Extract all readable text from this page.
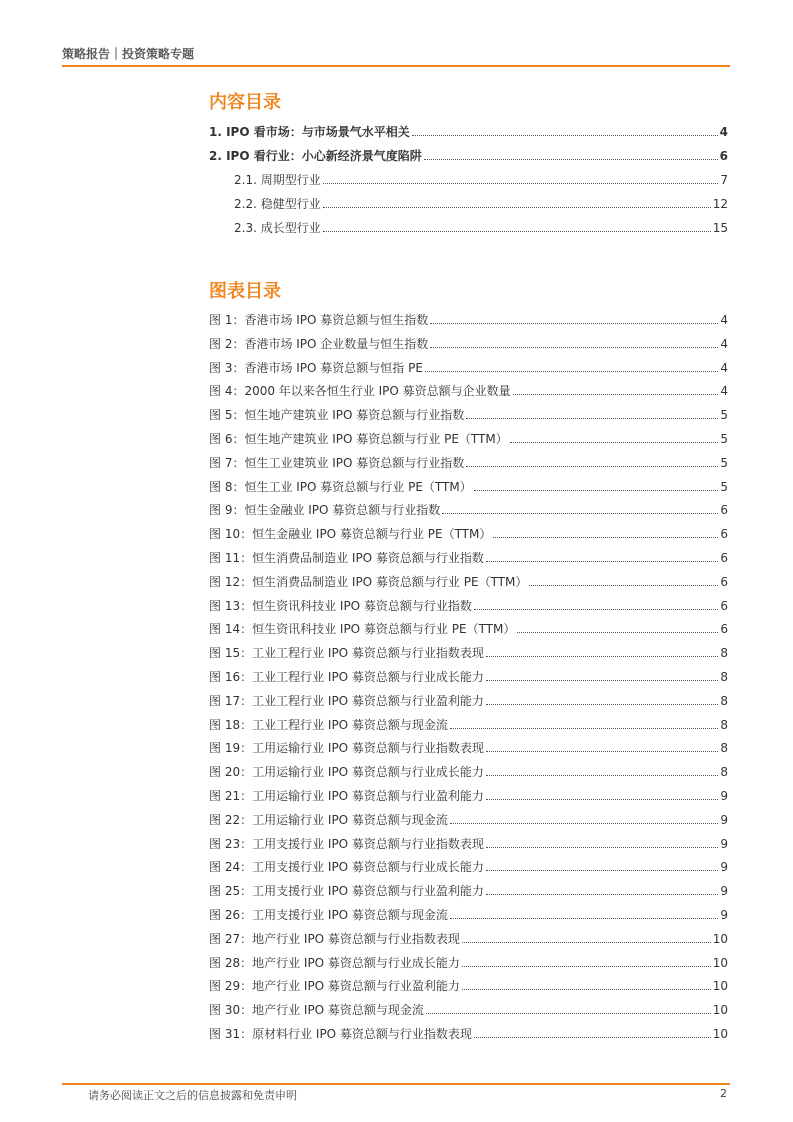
策略报告｜投资策略专题
内容目录
1. IPO 看市场：与市场景气水平相关	4
2. IPO 看行业：小心新经济景气度陷阱	6
2.1. 周期型行业	7
2.2. 稳健型行业	12
2.3. 成长型行业	15
图表目录
图 1：香港市场 IPO 募资总额与恒生指数	4
图 2：香港市场 IPO 企业数量与恒生指数	4
图 3：香港市场 IPO 募资总额与恒指 PE	4
图 4：2000 年以来各恒生行业 IPO 募资总额与企业数量	4
图 5：恒生地产建筑业 IPO 募资总额与行业指数	5
图 6：恒生地产建筑业 IPO 募资总额与行业 PE（TTM）	5
图 7：恒生工业建筑业 IPO 募资总额与行业指数	5
图 8：恒生工业 IPO 募资总额与行业 PE（TTM）	5
图 9：恒生金融业 IPO 募资总额与行业指数	6
图 10：恒生金融业 IPO 募资总额与行业 PE（TTM）	6
图 11：恒生消费品制造业 IPO 募资总额与行业指数	6
图 12：恒生消费品制造业 IPO 募资总额与行业 PE（TTM）	6
图 13：恒生资讯科技业 IPO 募资总额与行业指数	6
图 14：恒生资讯科技业 IPO 募资总额与行业 PE（TTM）	6
图 15：工业工程行业 IPO 募资总额与行业指数表现	8
图 16：工业工程行业 IPO 募资总额与行业成长能力	8
图 17：工业工程行业 IPO 募资总额与行业盈利能力	8
图 18：工业工程行业 IPO 募资总额与现金流	8
图 19：工用运输行业 IPO 募资总额与行业指数表现	8
图 20：工用运输行业 IPO 募资总额与行业成长能力	8
图 21：工用运输行业 IPO 募资总额与行业盈利能力	9
图 22：工用运输行业 IPO 募资总额与现金流	9
图 23：工用支援行业 IPO 募资总额与行业指数表现	9
图 24：工用支援行业 IPO 募资总额与行业成长能力	9
图 25：工用支援行业 IPO 募资总额与行业盈利能力	9
图 26：工用支援行业 IPO 募资总额与现金流	9
图 27：地产行业 IPO 募资总额与行业指数表现	10
图 28：地产行业 IPO 募资总额与行业成长能力	10
图 29：地产行业 IPO 募资总额与行业盈利能力	10
图 30：地产行业 IPO 募资总额与现金流	10
图 31：原材料行业 IPO 募资总额与行业指数表现	10
请务必阅读正文之后的信息披露和免责申明	2
